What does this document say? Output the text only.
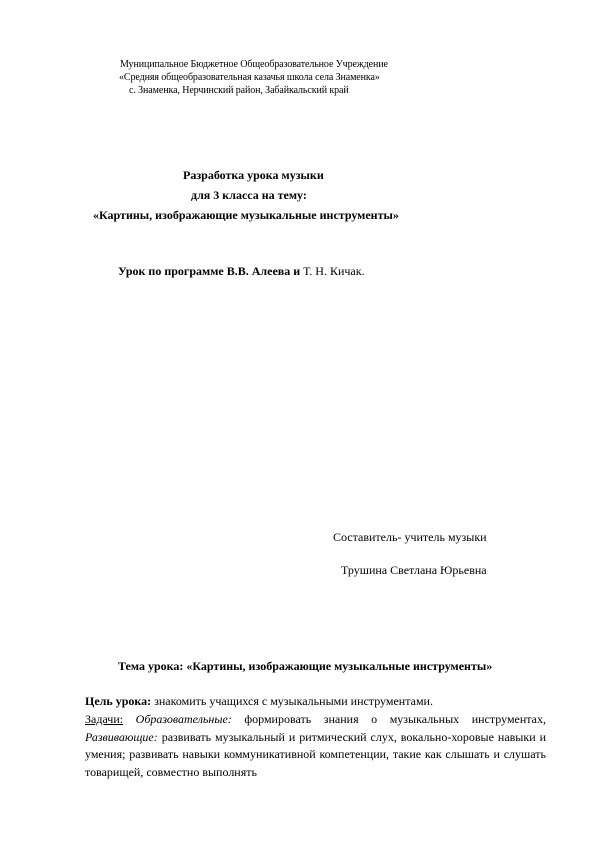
Муниципальное Бюджетное Общеобразовательное Учреждение
«Средняя общеобразовательная казачья школа села Знаменка»
с. Знаменка, Нерчинский район, Забайкальский край
Разработка урока музыки
для 3 класса на тему:
«Картины, изображающие музыкальные инструменты»
Урок по программе В.В. Алеева и Т. Н. Кичак.
Составитель- учитель музыки
Трушина Светлана Юрьевна
Тема урока: «Картины, изображающие музыкальные инструменты»
Цель урока: знакомить учащихся с музыкальными инструментами.
Задачи: Образовательные: формировать знания о музыкальных инструментах, Развивающие: развивать музыкальный и ритмический слух, вокально-хоровые навыки и умения; развивать навыки коммуникативной компетенции, такие как слышать и слушать товарищей, совместно выполнять
